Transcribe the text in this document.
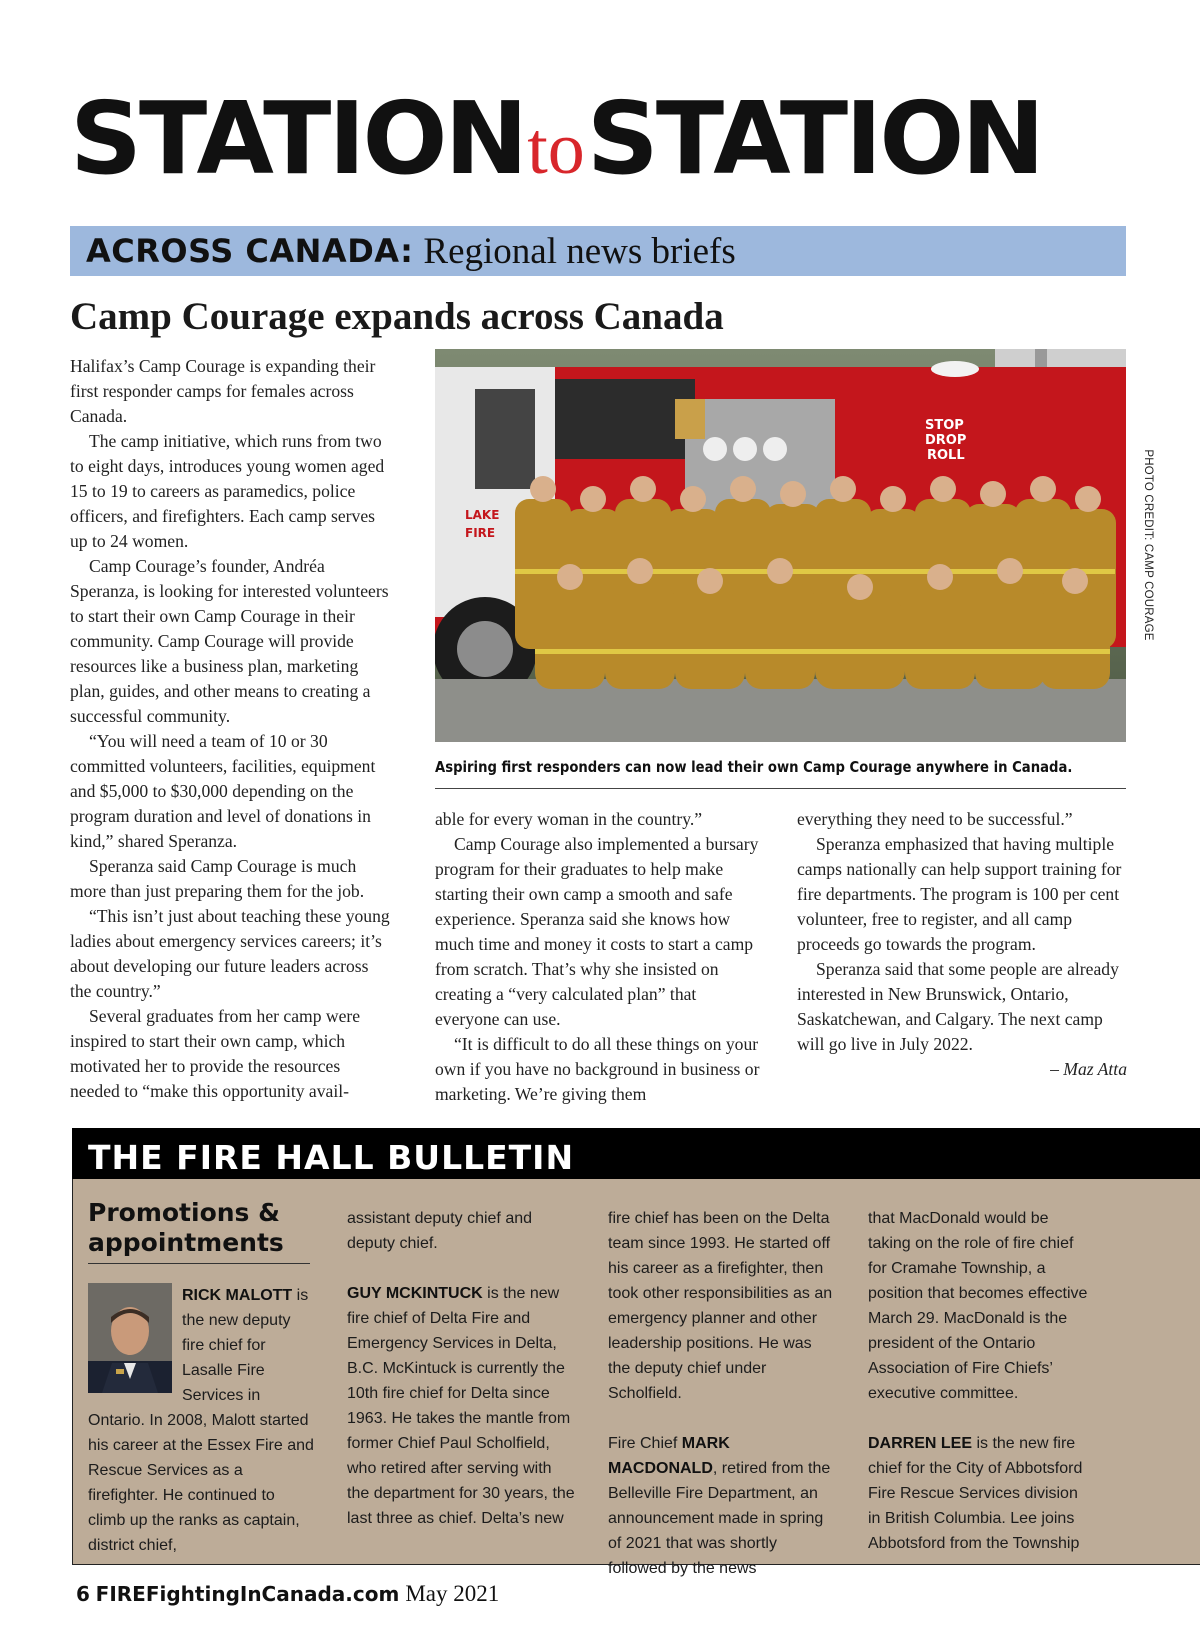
STATIONtoSTATION
ACROSS CANADA: Regional news briefs
Camp Courage expands across Canada

Halifax’s Camp Courage is expanding their first responder camps for females across Canada.

The camp initiative, which runs from two to eight days, introduces young women aged 15 to 19 to careers as paramedics, police officers, and firefighters. Each camp serves up to 24 women.

Camp Courage’s founder, Andréa Speranza, is looking for interested volunteers to start their own Camp Courage in their community. Camp Courage will provide resources like a business plan, marketing plan, guides, and other means to creating a successful community.

“You will need a team of 10 or 30 committed volunteers, facilities, equipment and $5,000 to $30,000 depending on the program duration and level of donations in kind,” shared Speranza.

Speranza said Camp Courage is much more than just preparing them for the job.

“This isn’t just about teaching these young ladies about emergency services careers; it’s about developing our future leaders across the country.”

Several graduates from her camp were inspired to start their own camp, which motivated her to provide the resources needed to “make this opportunity avail-

STOP
DROP
ROLL
LAKE
FIRE	PHOTO CREDIT: CAMP COURAGE
Aspiring first responders can now lead their own Camp Courage anywhere in Canada.

able for every woman in the country.”

Camp Courage also implemented a bursary program for their graduates to help make starting their own camp a smooth and safe experience. Speranza said she knows how much time and money it costs to start a camp from scratch. That’s why she insisted on creating a “very calculated plan” that everyone can use.

“It is difficult to do all these things on your own if you have no background in business or marketing. We’re giving them

everything they need to be successful.”

Speranza emphasized that having multiple camps nationally can help support training for fire departments. The program is 100 per cent volunteer, free to register, and all camp proceeds go towards the program.

Speranza said that some people are already interested in New Brunswick, Ontario, Saskatchewan, and Calgary. The next camp will go live in July 2022.

– Maz Atta

THE FIRE HALL BULLETIN
Promotions & appointments

RICK MALOTT is the new deputy fire chief for Lasalle Fire Services in Ontario. In 2008, Malott started his career at the Essex Fire and Rescue Services as a firefighter. He continued to climb up the ranks as captain, district chief,

assistant deputy chief and deputy chief.

GUY MCKINTUCK is the new fire chief of Delta Fire and Emergency Services in Delta, B.C. McKintuck is currently the 10th fire chief for Delta since 1963. He takes the mantle from former Chief Paul Scholfield, who retired after serving with the department for 30 years, the last three as chief. Delta’s new

fire chief has been on the Delta team since 1993. He started off his career as a firefighter, then took other responsibilities as an emergency planner and other leadership positions. He was the deputy chief under Scholfield.

Fire Chief MARK MACDONALD, retired from the Belleville Fire Department, an announcement made in spring of 2021 that was shortly followed by the news

that MacDonald would be taking on the role of fire chief for Cramahe Township, a position that becomes effective March 29. MacDonald is the president of the Ontario Association of Fire Chiefs’ executive committee.

DARREN LEE is the new fire chief for the City of Abbotsford Fire Rescue Services division in British Columbia. Lee joins Abbotsford from the Township

6 FIREFightingInCanada.com May 2021
